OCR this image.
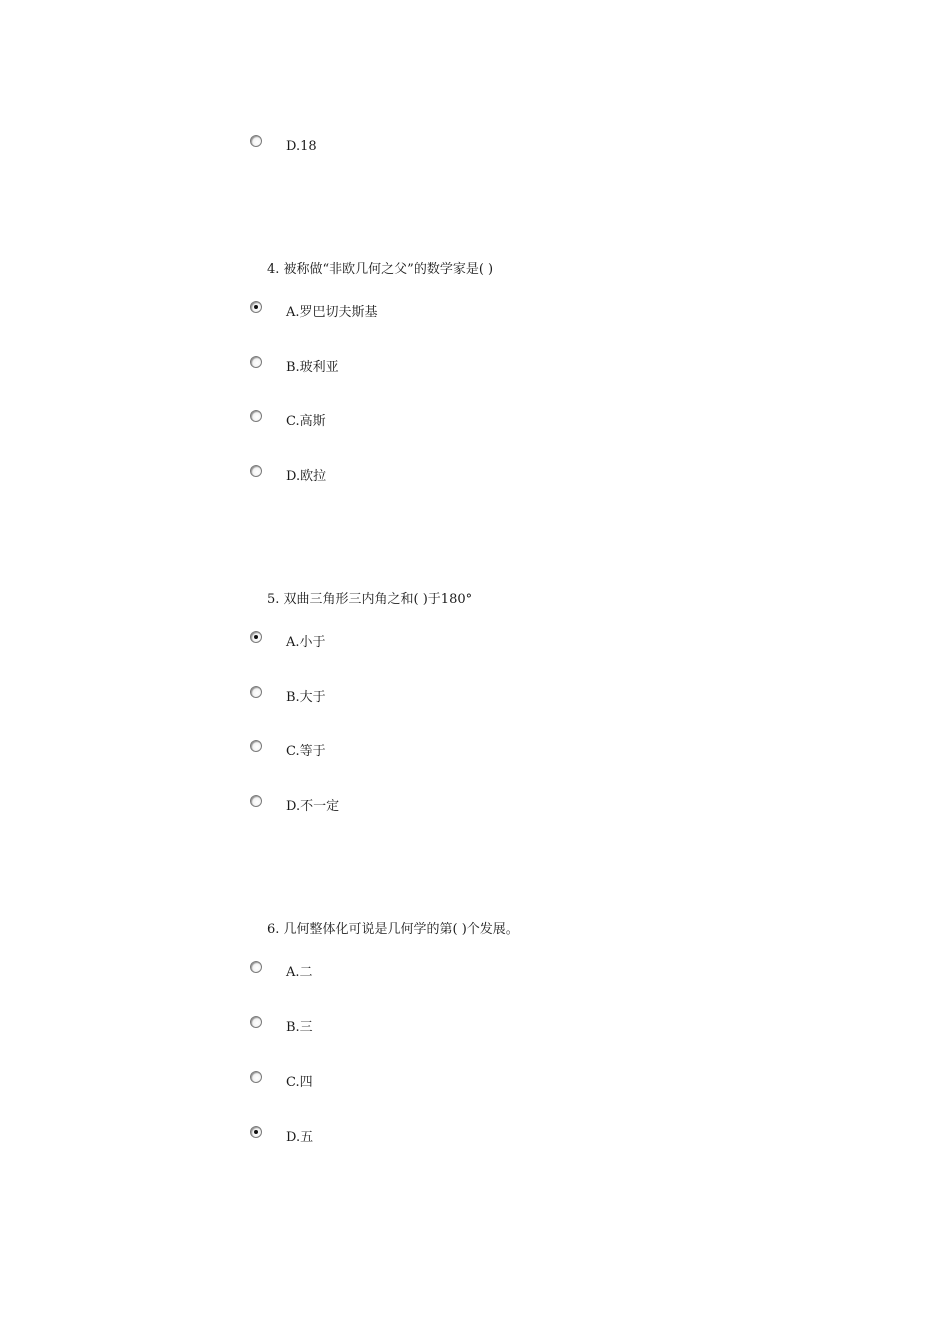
D.18
4. 被称做“非欧几何之父”的数学家是( )
A.罗巴切夫斯基
B.玻利亚
C.高斯
D.欧拉
5. 双曲三角形三内角之和( )于180°
A.小于
B.大于
C.等于
D.不一定
6. 几何整体化可说是几何学的第( )个发展。
A.二
B.三
C.四
D.五
